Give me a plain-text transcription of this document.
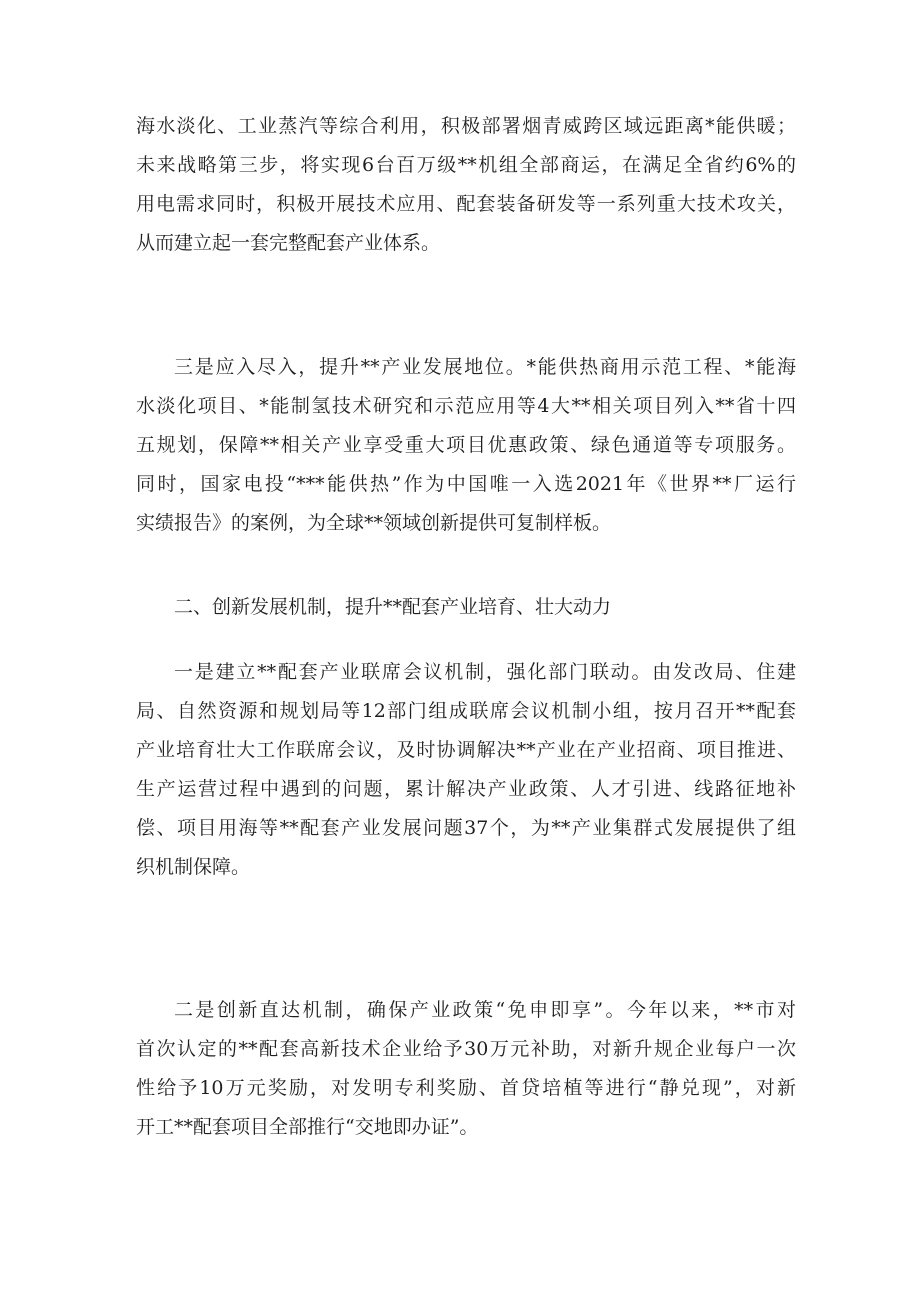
海水淡化、工业蒸汽等综合利用，积极部署烟青威跨区域远距离*能供暖；
未来战略第三步，将实现6台百万级**机组全部商运，在满足全省约6%的
用电需求同时，积极开展技术应用、配套装备研发等一系列重大技术攻关，
从而建立起一套完整配套产业体系。
三是应入尽入，提升**产业发展地位。*能供热商用示范工程、*能海
水淡化项目、*能制氢技术研究和示范应用等4大**相关项目列入**省十四
五规划，保障**相关产业享受重大项目优惠政策、绿色通道等专项服务。
同时，国家电投“***能供热”作为中国唯一入选2021年《世界**厂运行
实绩报告》的案例，为全球**领域创新提供可复制样板。
二、创新发展机制，提升**配套产业培育、壮大动力
一是建立**配套产业联席会议机制，强化部门联动。由发改局、住建
局、自然资源和规划局等12部门组成联席会议机制小组，按月召开**配套
产业培育壮大工作联席会议，及时协调解决**产业在产业招商、项目推进、
生产运营过程中遇到的问题，累计解决产业政策、人才引进、线路征地补
偿、项目用海等**配套产业发展问题37个，为**产业集群式发展提供了组
织机制保障。
二是创新直达机制，确保产业政策“免申即享”。今年以来，**市对
首次认定的**配套高新技术企业给予30万元补助，对新升规企业每户一次
性给予10万元奖励，对发明专利奖励、首贷培植等进行“静兑现”，对新
开工**配套项目全部推行“交地即办证”。
